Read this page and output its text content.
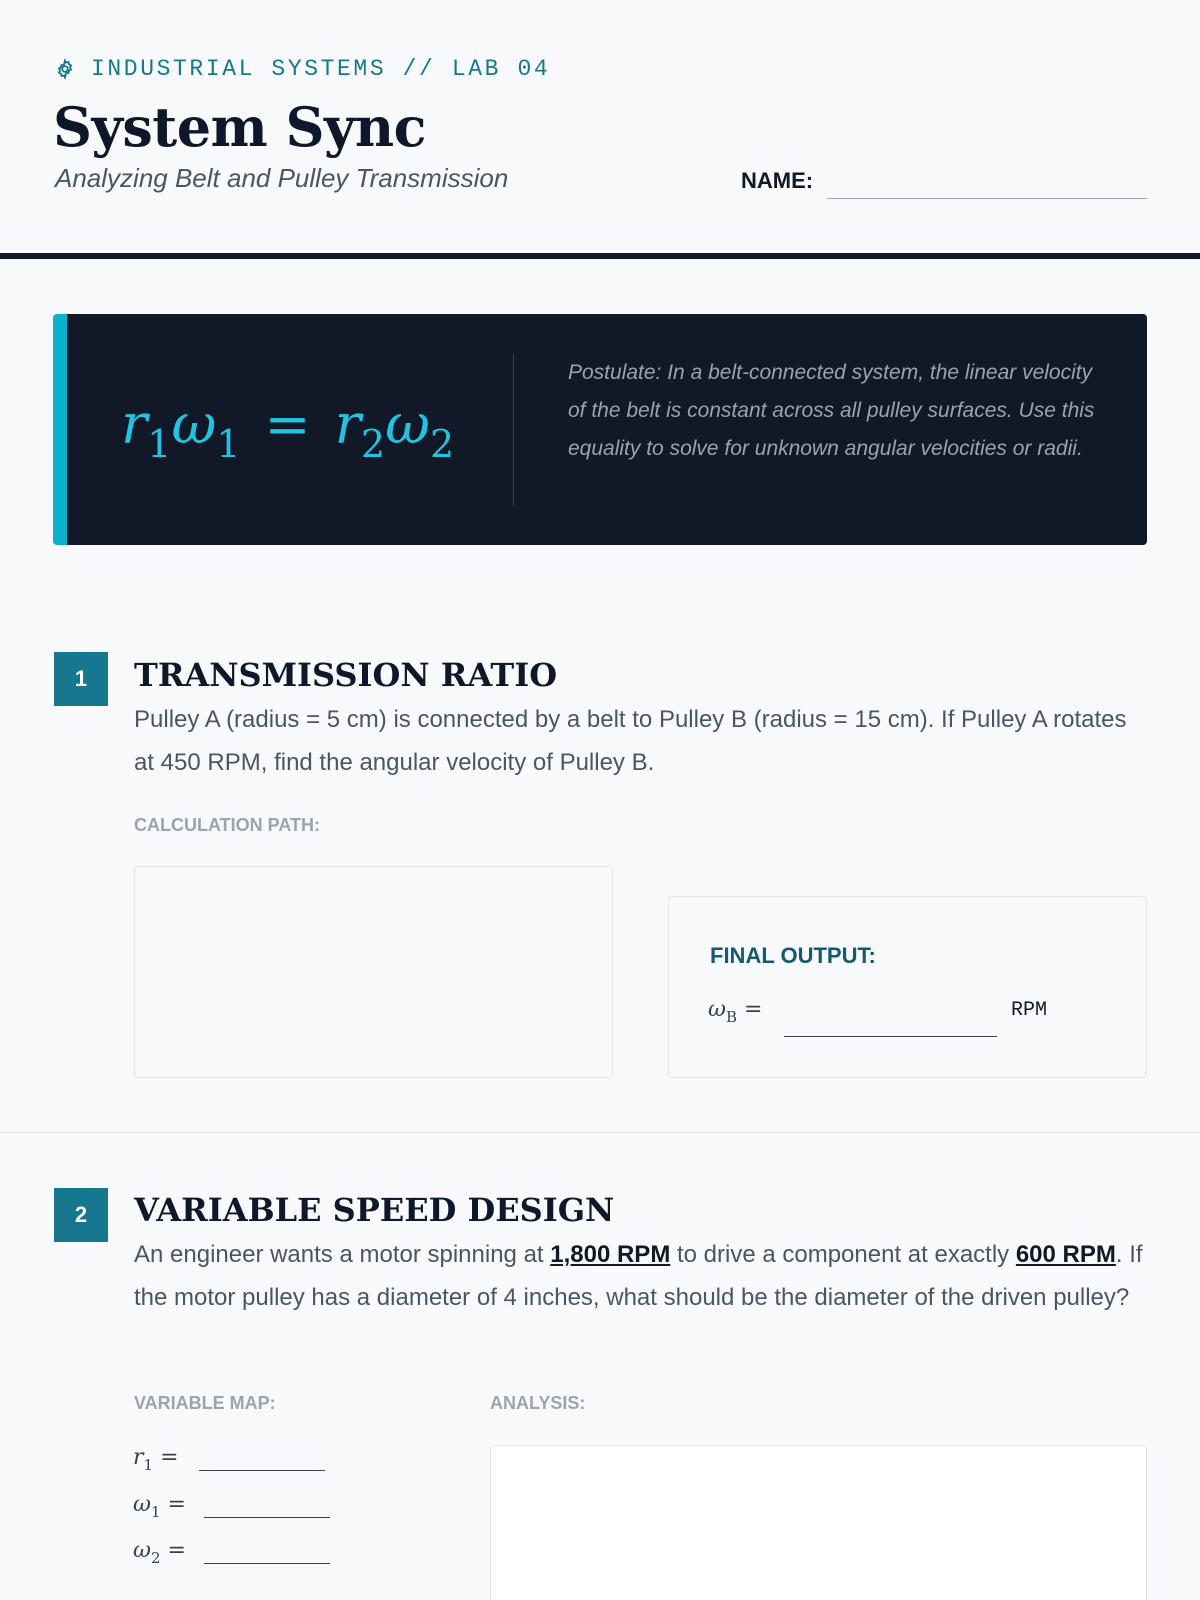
INDUSTRIAL SYSTEMS // LAB 04
System Sync
Analyzing Belt and Pulley Transmission	NAME:
$r_1\omega_1 = r_2\omega_2$
Postulate: In a belt-connected system, the linear velocity of the belt is constant across all pulley surfaces. Use this equality to solve for unknown angular velocities or radii.
1	TRANSMISSION RATIO

Pulley A (radius = 5 cm) is connected by a belt to Pulley B (radius = 15 cm). If Pulley A rotates at 450 RPM, find the angular velocity of Pulley B.

CALCULATION PATH:
FINAL OUTPUT:
$\omega_B$ =	RPM
2	VARIABLE SPEED DESIGN

An engineer wants a motor spinning at 1,800 RPM to drive a component at exactly 600 RPM. If the motor pulley has a diameter of 4 inches, what should be the diameter of the driven pulley?

VARIABLE MAP:	ANALYSIS:
$r_1$ =
$\omega_1$ =
$\omega_2$ =
